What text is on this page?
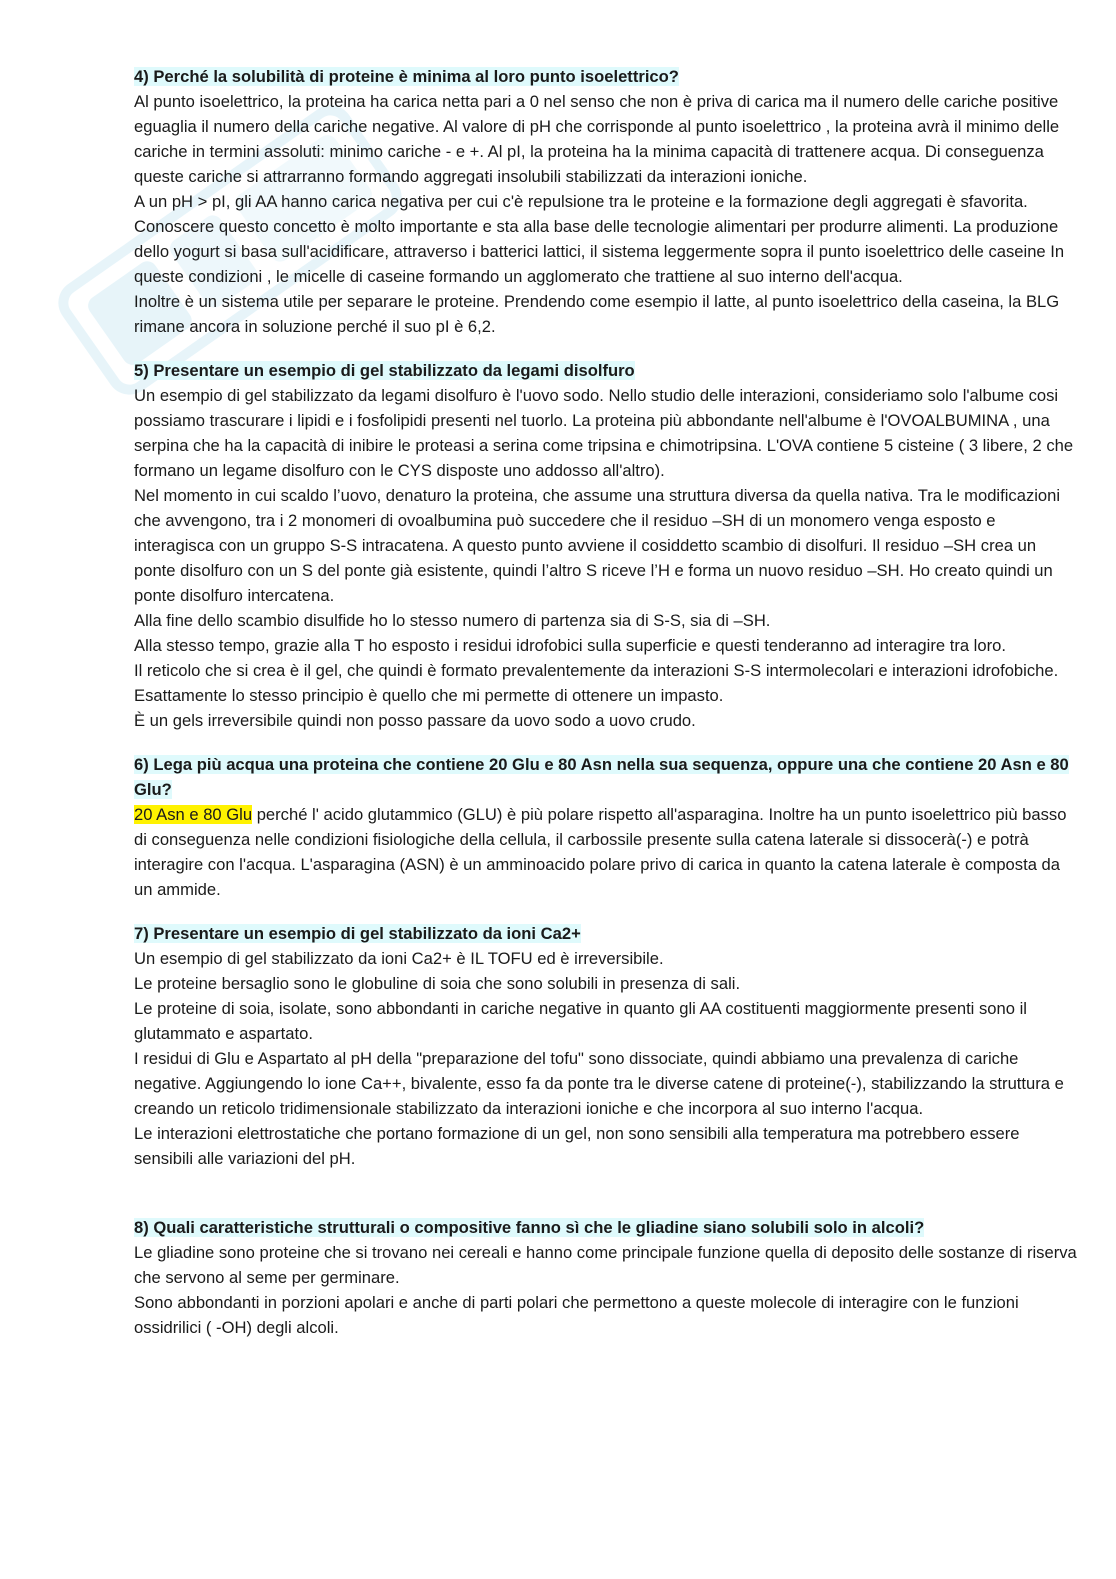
4) Perché la solubilità di proteine è minima al loro punto isoelettrico?

Al punto isoelettrico, la proteina ha carica netta pari a 0 nel senso che non è priva di carica ma il numero delle cariche positive eguaglia il numero della cariche negative. Al valore di pH che corrisponde al punto isoelettrico , la proteina avrà il minimo delle cariche in termini assoluti: minimo cariche - e +. Al pI, la proteina ha la minima capacità di trattenere acqua. Di conseguenza queste cariche si attrarranno formando aggregati insolubili stabilizzati da interazioni ioniche.

A un pH > pI, gli AA hanno carica negativa per cui c'è repulsione tra le proteine e la formazione degli aggregati è sfavorita. Conoscere questo concetto è molto importante e sta alla base delle tecnologie alimentari per produrre alimenti. La produzione dello yogurt si basa sull'acidificare, attraverso i batterici lattici, il sistema leggermente sopra il punto isoelettrico delle caseine In queste condizioni , le micelle di caseine formando un agglomerato che trattiene al suo interno dell'acqua.

Inoltre è un sistema utile per separare le proteine. Prendendo come esempio il latte, al punto isoelettrico della caseina, la BLG rimane ancora in soluzione perché il suo pI è 6,2.

5) Presentare un esempio di gel stabilizzato da legami disolfuro

Un esempio di gel stabilizzato da legami disolfuro è l'uovo sodo. Nello studio delle interazioni, consideriamo solo l'albume cosi possiamo trascurare i lipidi e i fosfolipidi presenti nel tuorlo. La proteina più abbondante nell'albume è l'OVOALBUMINA , una serpina che ha la capacità di inibire le proteasi a serina come tripsina e chimotripsina. L'OVA contiene 5 cisteine ( 3 libere, 2 che formano un legame disolfuro con le CYS disposte uno addosso all'altro).

Nel momento in cui scaldo l’uovo, denaturo la proteina, che assume una struttura diversa da quella nativa. Tra le modificazioni che avvengono, tra i 2 monomeri di ovoalbumina può succedere che il residuo –SH di un monomero venga esposto e interagisca con un gruppo S-S intracatena. A questo punto avviene il cosiddetto scambio di disolfuri. Il residuo –SH crea un ponte disolfuro con un S del ponte già esistente, quindi l’altro S riceve l’H e forma un nuovo residuo –SH. Ho creato quindi un ponte disolfuro intercatena.

Alla fine dello scambio disulfide ho lo stesso numero di partenza sia di S-S, sia di –SH.

Alla stesso tempo, grazie alla T ho esposto i residui idrofobici sulla superficie e questi tenderanno ad interagire tra loro.

Il reticolo che si crea è il gel, che quindi è formato prevalentemente da interazioni S-S intermolecolari e interazioni idrofobiche. Esattamente lo stesso principio è quello che mi permette di ottenere un impasto.

È un gels irreversibile quindi non posso passare da uovo sodo a uovo crudo.

6) Lega più acqua una proteina che contiene 20 Glu e 80 Asn nella sua sequenza, oppure una che contiene 20 Asn e 80 Glu?

20 Asn e 80 Glu perché l' acido glutammico (GLU) è più polare rispetto all'asparagina. Inoltre ha un punto isoelettrico più basso di conseguenza nelle condizioni fisiologiche della cellula, il carbossile presente sulla catena laterale si dissocerà(-) e potrà interagire con l'acqua. L'asparagina (ASN) è un amminoacido polare privo di carica in quanto la catena laterale è composta da un ammide.

7) Presentare un esempio di gel stabilizzato da ioni Ca2+

Un esempio di gel stabilizzato da ioni Ca2+ è IL TOFU ed è irreversibile.

Le proteine bersaglio sono le globuline di soia che sono solubili in presenza di sali.

Le proteine di soia, isolate, sono abbondanti in cariche negative in quanto gli AA costituenti maggiormente presenti sono il glutammato e aspartato.

I residui di Glu e Aspartato al pH della "preparazione del tofu" sono dissociate, quindi abbiamo una prevalenza di cariche negative. Aggiungendo lo ione Ca++, bivalente, esso fa da ponte tra le diverse catene di proteine(-), stabilizzando la struttura e creando un reticolo tridimensionale stabilizzato da interazioni ioniche e che incorpora al suo interno l'acqua.

Le interazioni elettrostatiche che portano formazione di un gel, non sono sensibili alla temperatura ma potrebbero essere sensibili alle variazioni del pH.

8) Quali caratteristiche strutturali o compositive fanno sì che le gliadine siano solubili solo in alcoli?

Le gliadine sono proteine che si trovano nei cereali e hanno come principale funzione quella di deposito delle sostanze di riserva che servono al seme per germinare.

Sono abbondanti in porzioni apolari e anche di parti polari che permettono a queste molecole di interagire con le funzioni ossidrilici ( -OH) degli alcoli.
